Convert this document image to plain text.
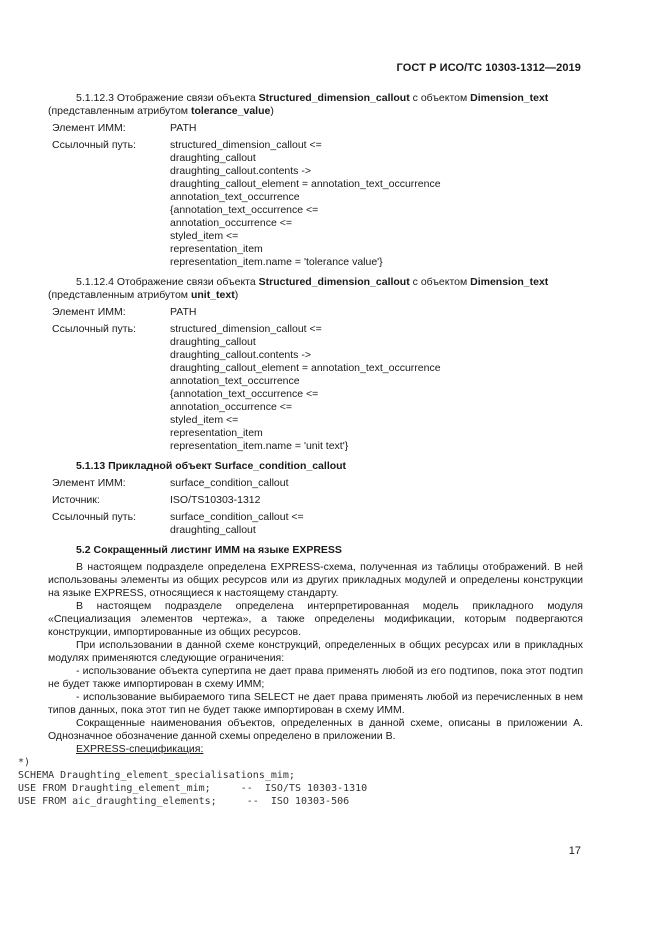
ГОСТ Р ИСО/ТС 10303-1312—2019

5.1.12.3 Отображение связи объекта Structured_dimension_callout с объектом Dimension_text

(представленным атрибутом tolerance_value)
Элемент ИММ:	PATH
Ссылочный путь:	structured_dimension_callout <=
draughting_callout
draughting_callout.contents ->
draughting_callout_element = annotation_text_occurrence
annotation_text_occurrence
{annotation_text_occurrence <=
annotation_occurrence <=
styled_item <=
representation_item
representation_item.name = 'tolerance value'}

5.1.12.4 Отображение связи объекта Structured_dimension_callout с объектом Dimension_text

(представленным атрибутом unit_text)
Элемент ИММ:	PATH
Ссылочный путь:	structured_dimension_callout <=
draughting_callout
draughting_callout.contents ->
draughting_callout_element = annotation_text_occurrence
annotation_text_occurrence
{annotation_text_occurrence <=
annotation_occurrence <=
styled_item <=
representation_item
representation_item.name = 'unit text'}

5.1.13 Прикладной объект Surface_condition_callout

Элемент ИММ:	surface_condition_callout
Источник:	ISO/TS10303-1312
Ссылочный путь:	surface_condition_callout <=
draughting_callout

5.2 Сокращенный листинг ИММ на языке EXPRESS

В настоящем подразделе определена EXPRESS-схема, полученная из таблицы отображений. В ней использованы элементы из общих ресурсов или из других прикладных модулей и определены конструкции на языке EXPRESS, относящиеся к настоящему стандарту.

В настоящем подразделе определена интерпретированная модель прикладного модуля «Специализация элементов чертежа», а также определены модификации, которым подвергаются конструкции, импортированные из общих ресурсов.

При использовании в данной схеме конструкций, определенных в общих ресурсах или в прикладных модулях применяются следующие ограничения:

- использование объекта супертипа не дает права применять любой из его подтипов, пока этот подтип не будет также импортирован в схему ИММ;

- использование выбираемого типа SELECT не дает права применять любой из перечисленных в нем типов данных, пока этот тип не будет также импортирован в схему ИММ.

Сокращенные наименования объектов, определенных в данной схеме, описаны в приложении А. Однозначное обозначение данной схемы определено в приложении В.

EXPRESS-спецификация:

*)
SCHEMA Draughting_element_specialisations_mim;
USE FROM Draughting_element_mim;     --  ISO/TS 10303-1310
USE FROM aic_draughting_elements;     --  ISO 10303-506
17
